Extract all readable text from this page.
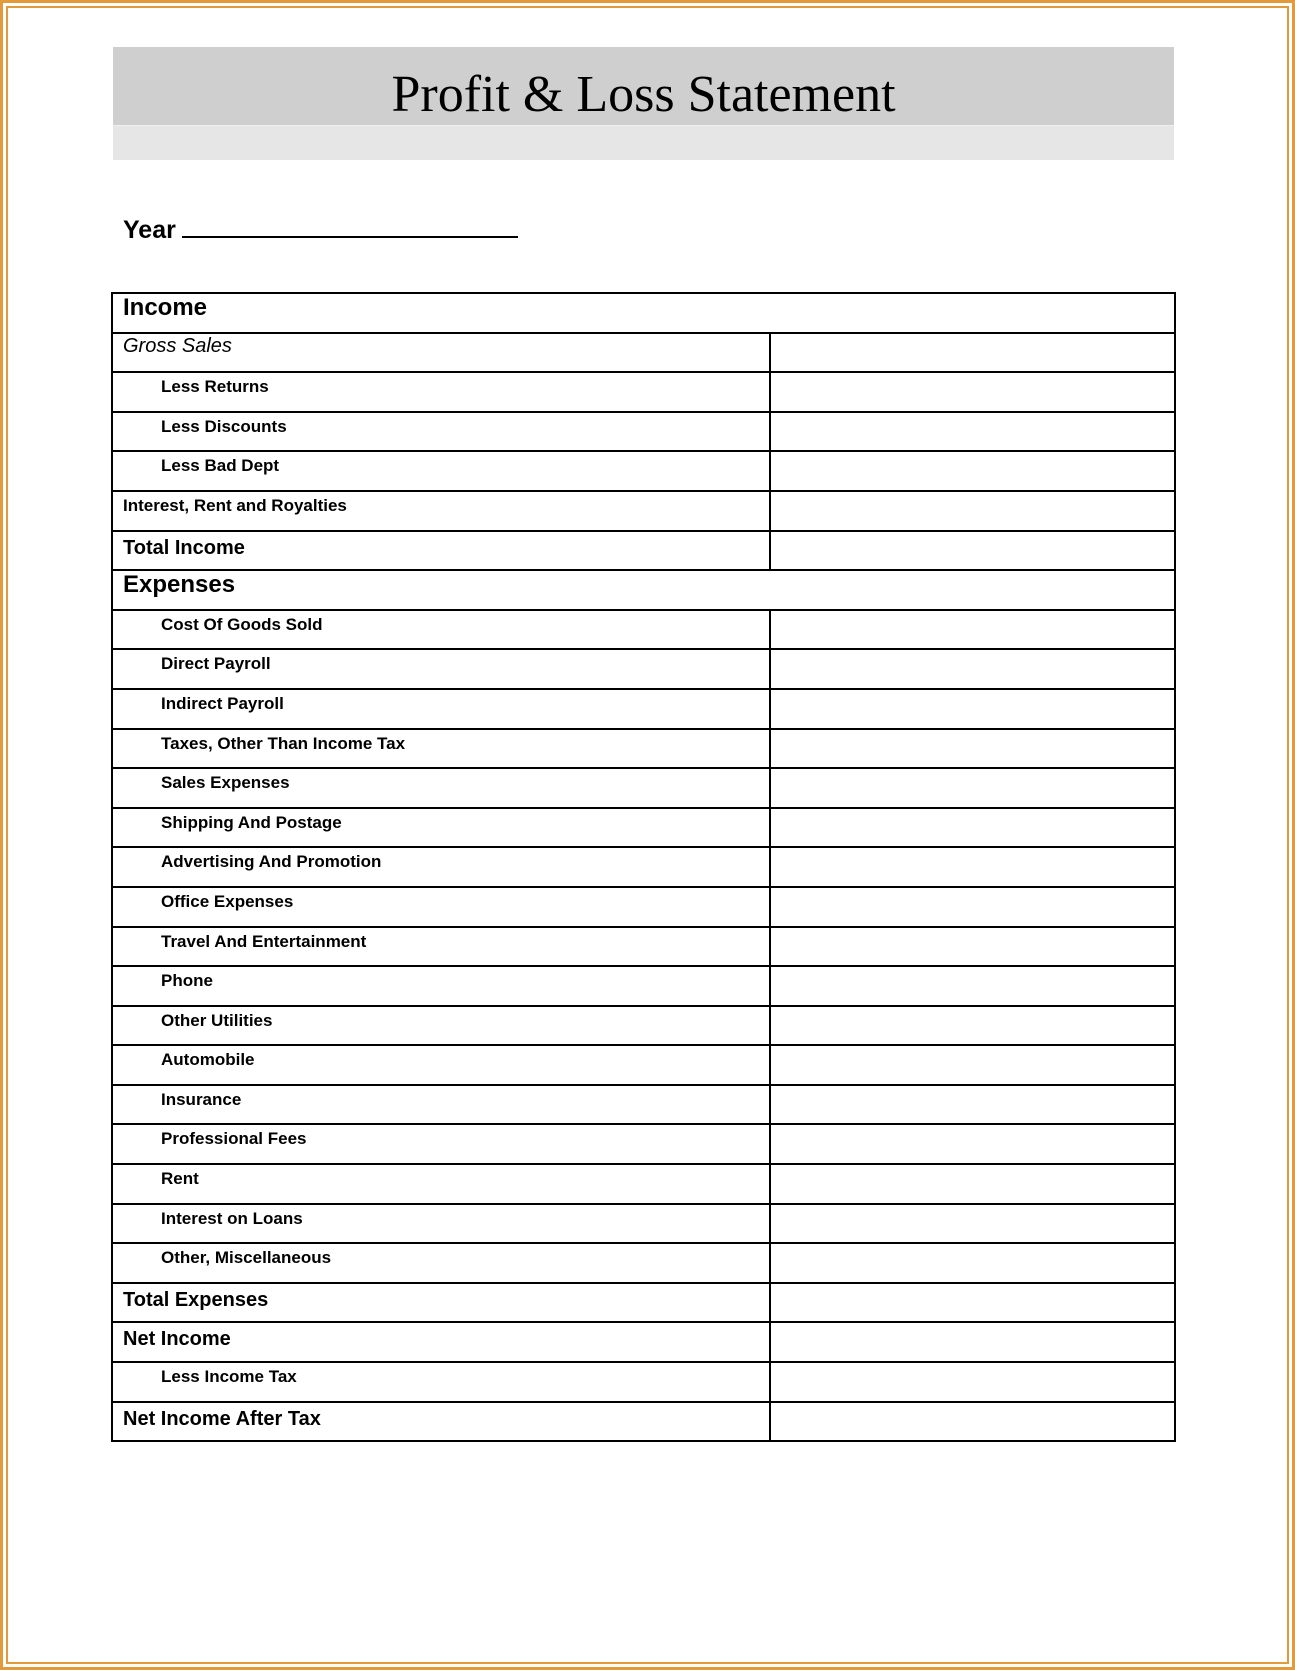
Profit & Loss Statement
Year
Income	

Gross Sales	

Less Returns	

Less Discounts	

Less Bad Dept	

Interest, Rent and Royalties	

Total Income	

Expenses	

Cost Of Goods Sold	

Direct Payroll	

Indirect Payroll	

Taxes, Other Than Income Tax	

Sales Expenses	

Shipping And Postage	

Advertising And Promotion	

Office Expenses	

Travel And Entertainment	

Phone	

Other Utilities	

Automobile	

Insurance	

Professional Fees	

Rent	

Interest on Loans	

Other, Miscellaneous	

Total Expenses	

Net Income	

Less Income Tax	

Net Income After Tax	
